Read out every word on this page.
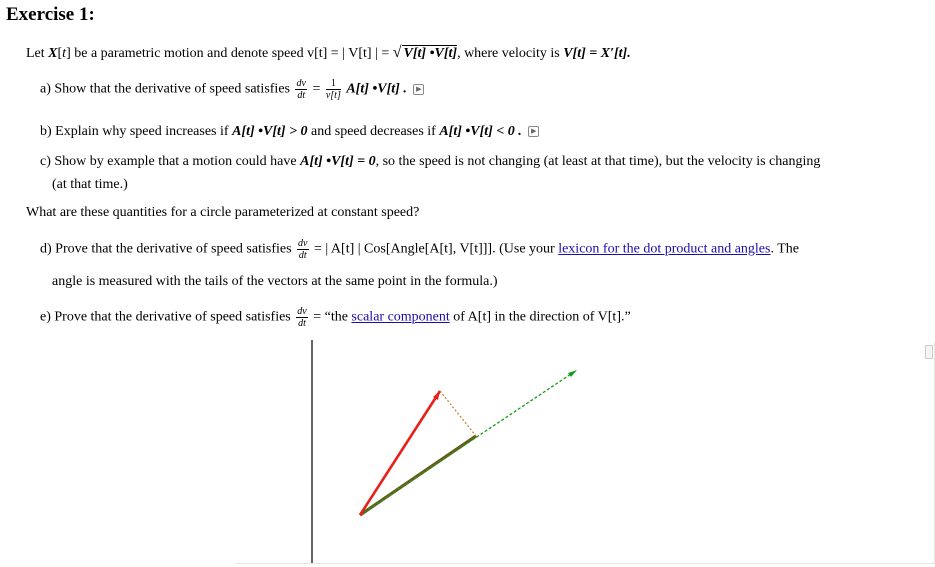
Exercise 1:
Let X[t] be a parametric motion and denote speed v[t] = | V[t] | = √ V[t] •V[t], where velocity is V[t] = X′[t].
a) Show that the derivative of speed satisfies $\frac{dv}{dt} = \frac{1}{v[t]} A[t]$ •V[t] . ▶
b) Explain why speed increases if A[t] •V[t] > 0 and speed decreases if A[t] •V[t] < 0 . ▶
c) Show by example that a motion could have A[t] •V[t] = 0, so the speed is not changing (at least at that time), but the velocity is changing
(at that time.)
What are these quantities for a circle parameterized at constant speed?
d) Prove that the derivative of speed satisfies $\frac{dv}{dt}$ = | A[t] | Cos[Angle[A[t], V[t]]]. (Use your lexicon for the dot product and angles. The
angle is measured with the tails of the vectors at the same point in the formula.)
e) Prove that the derivative of speed satisfies $\frac{dv}{dt}$ = “the scalar component of A[t] in the direction of V[t].”
